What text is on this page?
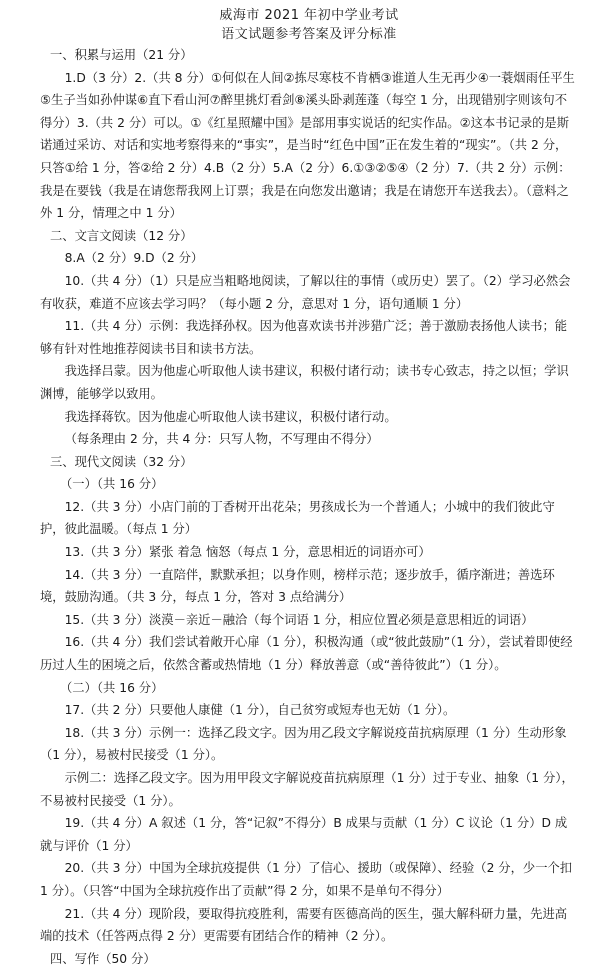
威海市 2021 年初中学业考试

语文试题参考答案及评分标准

一、积累与运用（21 分）

1.D（3 分）2.（共 8 分）①何似在人间②拣尽寒枝不肯栖③谁道人生无再少④一蓑烟雨任平生⑤生子当如孙仲谋⑥直下看山河⑦醉里挑灯看剑⑧溪头卧剥莲蓬（每空 1 分，出现错别字则该句不得分）3.（共 2 分）可以。①《红星照耀中国》是部用事实说话的纪实作品。②这本书记录的是斯诺通过采访、对话和实地考察得来的“事实”，是当时“红色中国”正在发生着的“现实”。（共 2 分，只答①给 1 分，答②给 2 分）4.B（2 分）5.A（2 分）6.①③②⑤④（2 分）7.（共 2 分）示例：我是在要钱（我是在请您帮我网上订票；我是在向您发出邀请；我是在请您开车送我去）。（意料之外 1 分，情理之中 1 分）

二、文言文阅读（12 分）

8.A（2 分）9.D（2 分）

10.（共 4 分）（1）只是应当粗略地阅读，了解以往的事情（或历史）罢了。（2）学习必然会有收获，难道不应该去学习吗？（每小题 2 分，意思对 1 分，语句通顺 1 分）

11.（共 4 分）示例：我选择孙权。因为他喜欢读书并涉猎广泛；善于激励表扬他人读书；能够有针对性地推荐阅读书目和读书方法。

我选择吕蒙。因为他虚心听取他人读书建议，积极付诸行动；读书专心致志，持之以恒；学识渊博，能够学以致用。

我选择蒋钦。因为他虚心听取他人读书建议，积极付诸行动。

（每条理由 2 分，共 4 分：只写人物，不写理由不得分）

三、现代文阅读（32 分）

（一）（共 16 分）

12.（共 3 分）小店门前的丁香树开出花朵；男孩成长为一个普通人；小城中的我们彼此守护，彼此温暖。（每点 1 分）

13.（共 3 分）紧张 着急 恼怒（每点 1 分，意思相近的词语亦可）

14.（共 3 分）一直陪伴，默默承担；以身作则，榜样示范；逐步放手，循序渐进；善选环境，鼓励沟通。（共 3 分，每点 1 分，答对 3 点给满分）

15.（共 3 分）淡漠－亲近－融洽（每个词语 1 分，相应位置必须是意思相近的词语）

16.（共 4 分）我们尝试着敞开心扉（1 分），积极沟通（或“彼此鼓励”（1 分），尝试着即使经历过人生的困境之后，依然含蓄或热情地（1 分）释放善意（或“善待彼此”）（1 分）。

（二）（共 16 分）

17.（共 2 分）只要他人康健（1 分），自己贫穷或短寿也无妨（1 分）。

18.（共 3 分）示例一：选择乙段文字。因为用乙段文字解说疫苗抗病原理（1 分）生动形象（1 分），易被村民接受（1 分）。

示例二：选择乙段文字。因为用甲段文字解说疫苗抗病原理（1 分）过于专业、抽象（1 分），不易被村民接受（1 分）。

19.（共 4 分）A 叙述（1 分，答“记叙”不得分）B 成果与贡献（1 分）C 议论（1 分）D 成就与评价（1 分）

20.（共 3 分）中国为全球抗疫提供（1 分）了信心、援助（或保障）、经验（2 分，少一个扣 1 分）。（只答“中国为全球抗疫作出了贡献”得 2 分，如果不是单句不得分）

21.（共 4 分）现阶段，要取得抗疫胜利，需要有医德高尚的医生，强大解科研力量，先进高端的技术（任答两点得 2 分）更需要有团结合作的精神（2 分）。

四、写作（50 分）
